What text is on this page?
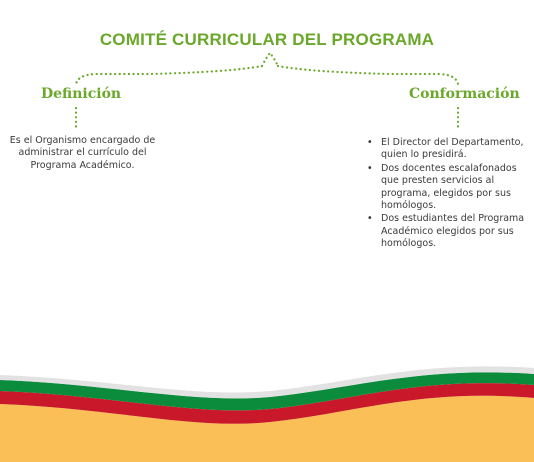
COMITÉ CURRICULAR DEL PROGRAMA
Definición	Conformación
Es el Organismo encargado de administrar el currículo del Programa Académico.
• El Director del Departamento, quien lo presidirá.
• Dos docentes escalafonados que presten servicios al programa, elegidos por sus homólogos.
• Dos estudiantes del Programa Académico elegidos por sus homólogos.
